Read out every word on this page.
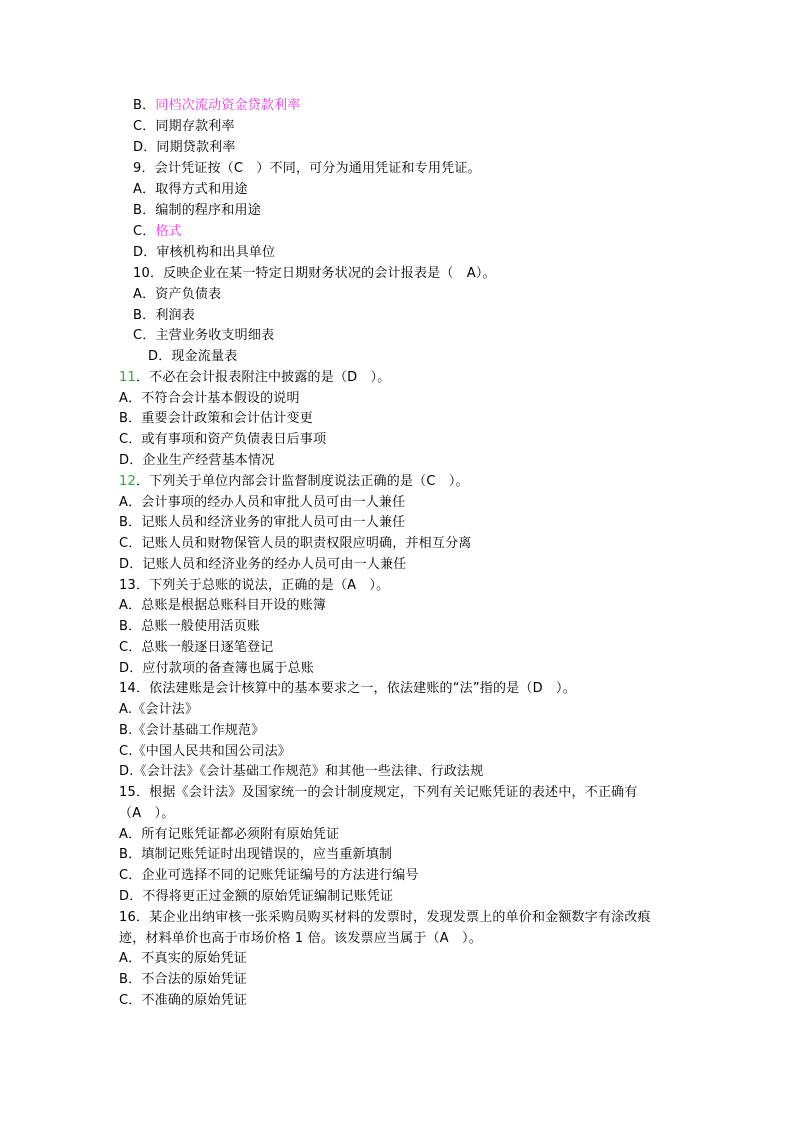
B．同档次流动资金贷款利率
C．同期存款利率
D．同期贷款利率
9．会计凭证按（C　）不同，可分为通用凭证和专用凭证。
A．取得方式和用途
B．编制的程序和用途
C．格式
D．审核机构和出具单位
10．反映企业在某一特定日期财务状况的会计报表是（　A）。
A．资产负债表
B．利润表
C．主营业务收支明细表
D．现金流量表
11．不必在会计报表附注中披露的是（D　）。
A．不符合会计基本假设的说明
B．重要会计政策和会计估计变更
C．或有事项和资产负债表日后事项
D．企业生产经营基本情况
12．下列关于单位内部会计监督制度说法正确的是（C　）。
A．会计事项的经办人员和审批人员可由一人兼任
B．记账人员和经济业务的审批人员可由一人兼任
C．记账人员和财物保管人员的职责权限应明确，并相互分离
D．记账人员和经济业务的经办人员可由一人兼任
13．下列关于总账的说法，正确的是（A　）。
A．总账是根据总账科目开设的账簿
B．总账一般使用活页账
C．总账一般逐日逐笔登记
D．应付款项的备查簿也属于总账
14．依法建账是会计核算中的基本要求之一，依法建账的“法”指的是（D　）。
A.《会计法》
B.《会计基础工作规范》
C.《中国人民共和国公司法》
D.《会计法》《会计基础工作规范》和其他一些法律、行政法规
15．根据《会计法》及国家统一的会计制度规定，下列有关记账凭证的表述中，不正确有
（A　）。
A．所有记账凭证都必须附有原始凭证
B．填制记账凭证时出现错误的，应当重新填制
C．企业可选择不同的记账凭证编号的方法进行编号
D．不得将更正过金额的原始凭证编制记账凭证
16．某企业出纳审核一张采购员购买材料的发票时，发现发票上的单价和金额数字有涂改痕
迹，材料单价也高于市场价格 1 倍。该发票应当属于（A　）。
A．不真实的原始凭证
B．不合法的原始凭证
C．不准确的原始凭证
